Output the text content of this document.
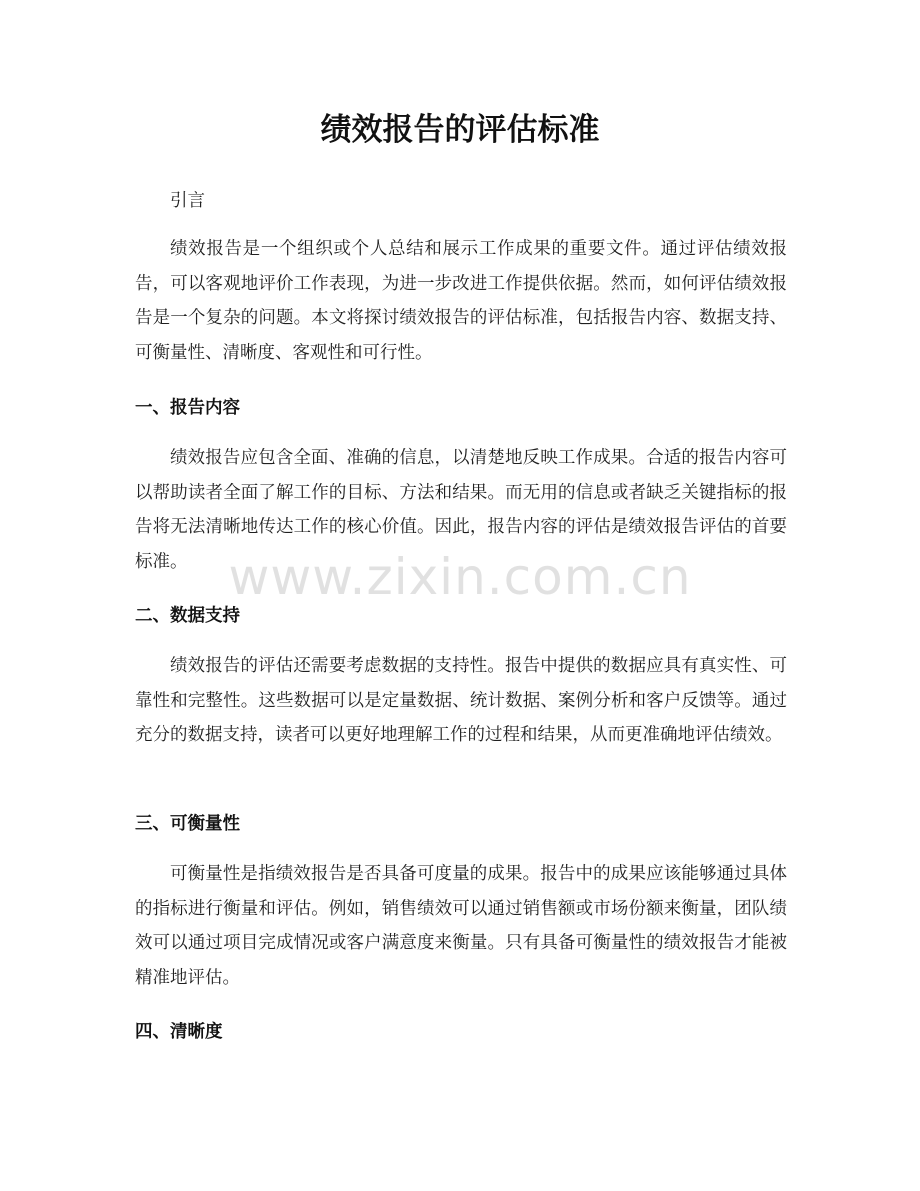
绩效报告的评估标准

引言

绩效报告是一个组织或个人总结和展示工作成果的重要文件。通过评估绩效报告，可以客观地评价工作表现，为进一步改进工作提供依据。然而，如何评估绩效报告是一个复杂的问题。本文将探讨绩效报告的评估标准，包括报告内容、数据支持、可衡量性、清晰度、客观性和可行性。

一、报告内容

绩效报告应包含全面、准确的信息，以清楚地反映工作成果。合适的报告内容可以帮助读者全面了解工作的目标、方法和结果。而无用的信息或者缺乏关键指标的报告将无法清晰地传达工作的核心价值。因此，报告内容的评估是绩效报告评估的首要标准。

二、数据支持

绩效报告的评估还需要考虑数据的支持性。报告中提供的数据应具有真实性、可靠性和完整性。这些数据可以是定量数据、统计数据、案例分析和客户反馈等。通过充分的数据支持，读者可以更好地理解工作的过程和结果，从而更准确地评估绩效。

三、可衡量性

可衡量性是指绩效报告是否具备可度量的成果。报告中的成果应该能够通过具体的指标进行衡量和评估。例如，销售绩效可以通过销售额或市场份额来衡量，团队绩效可以通过项目完成情况或客户满意度来衡量。只有具备可衡量性的绩效报告才能被精准地评估。

四、清晰度
www.zixin.com.cn
